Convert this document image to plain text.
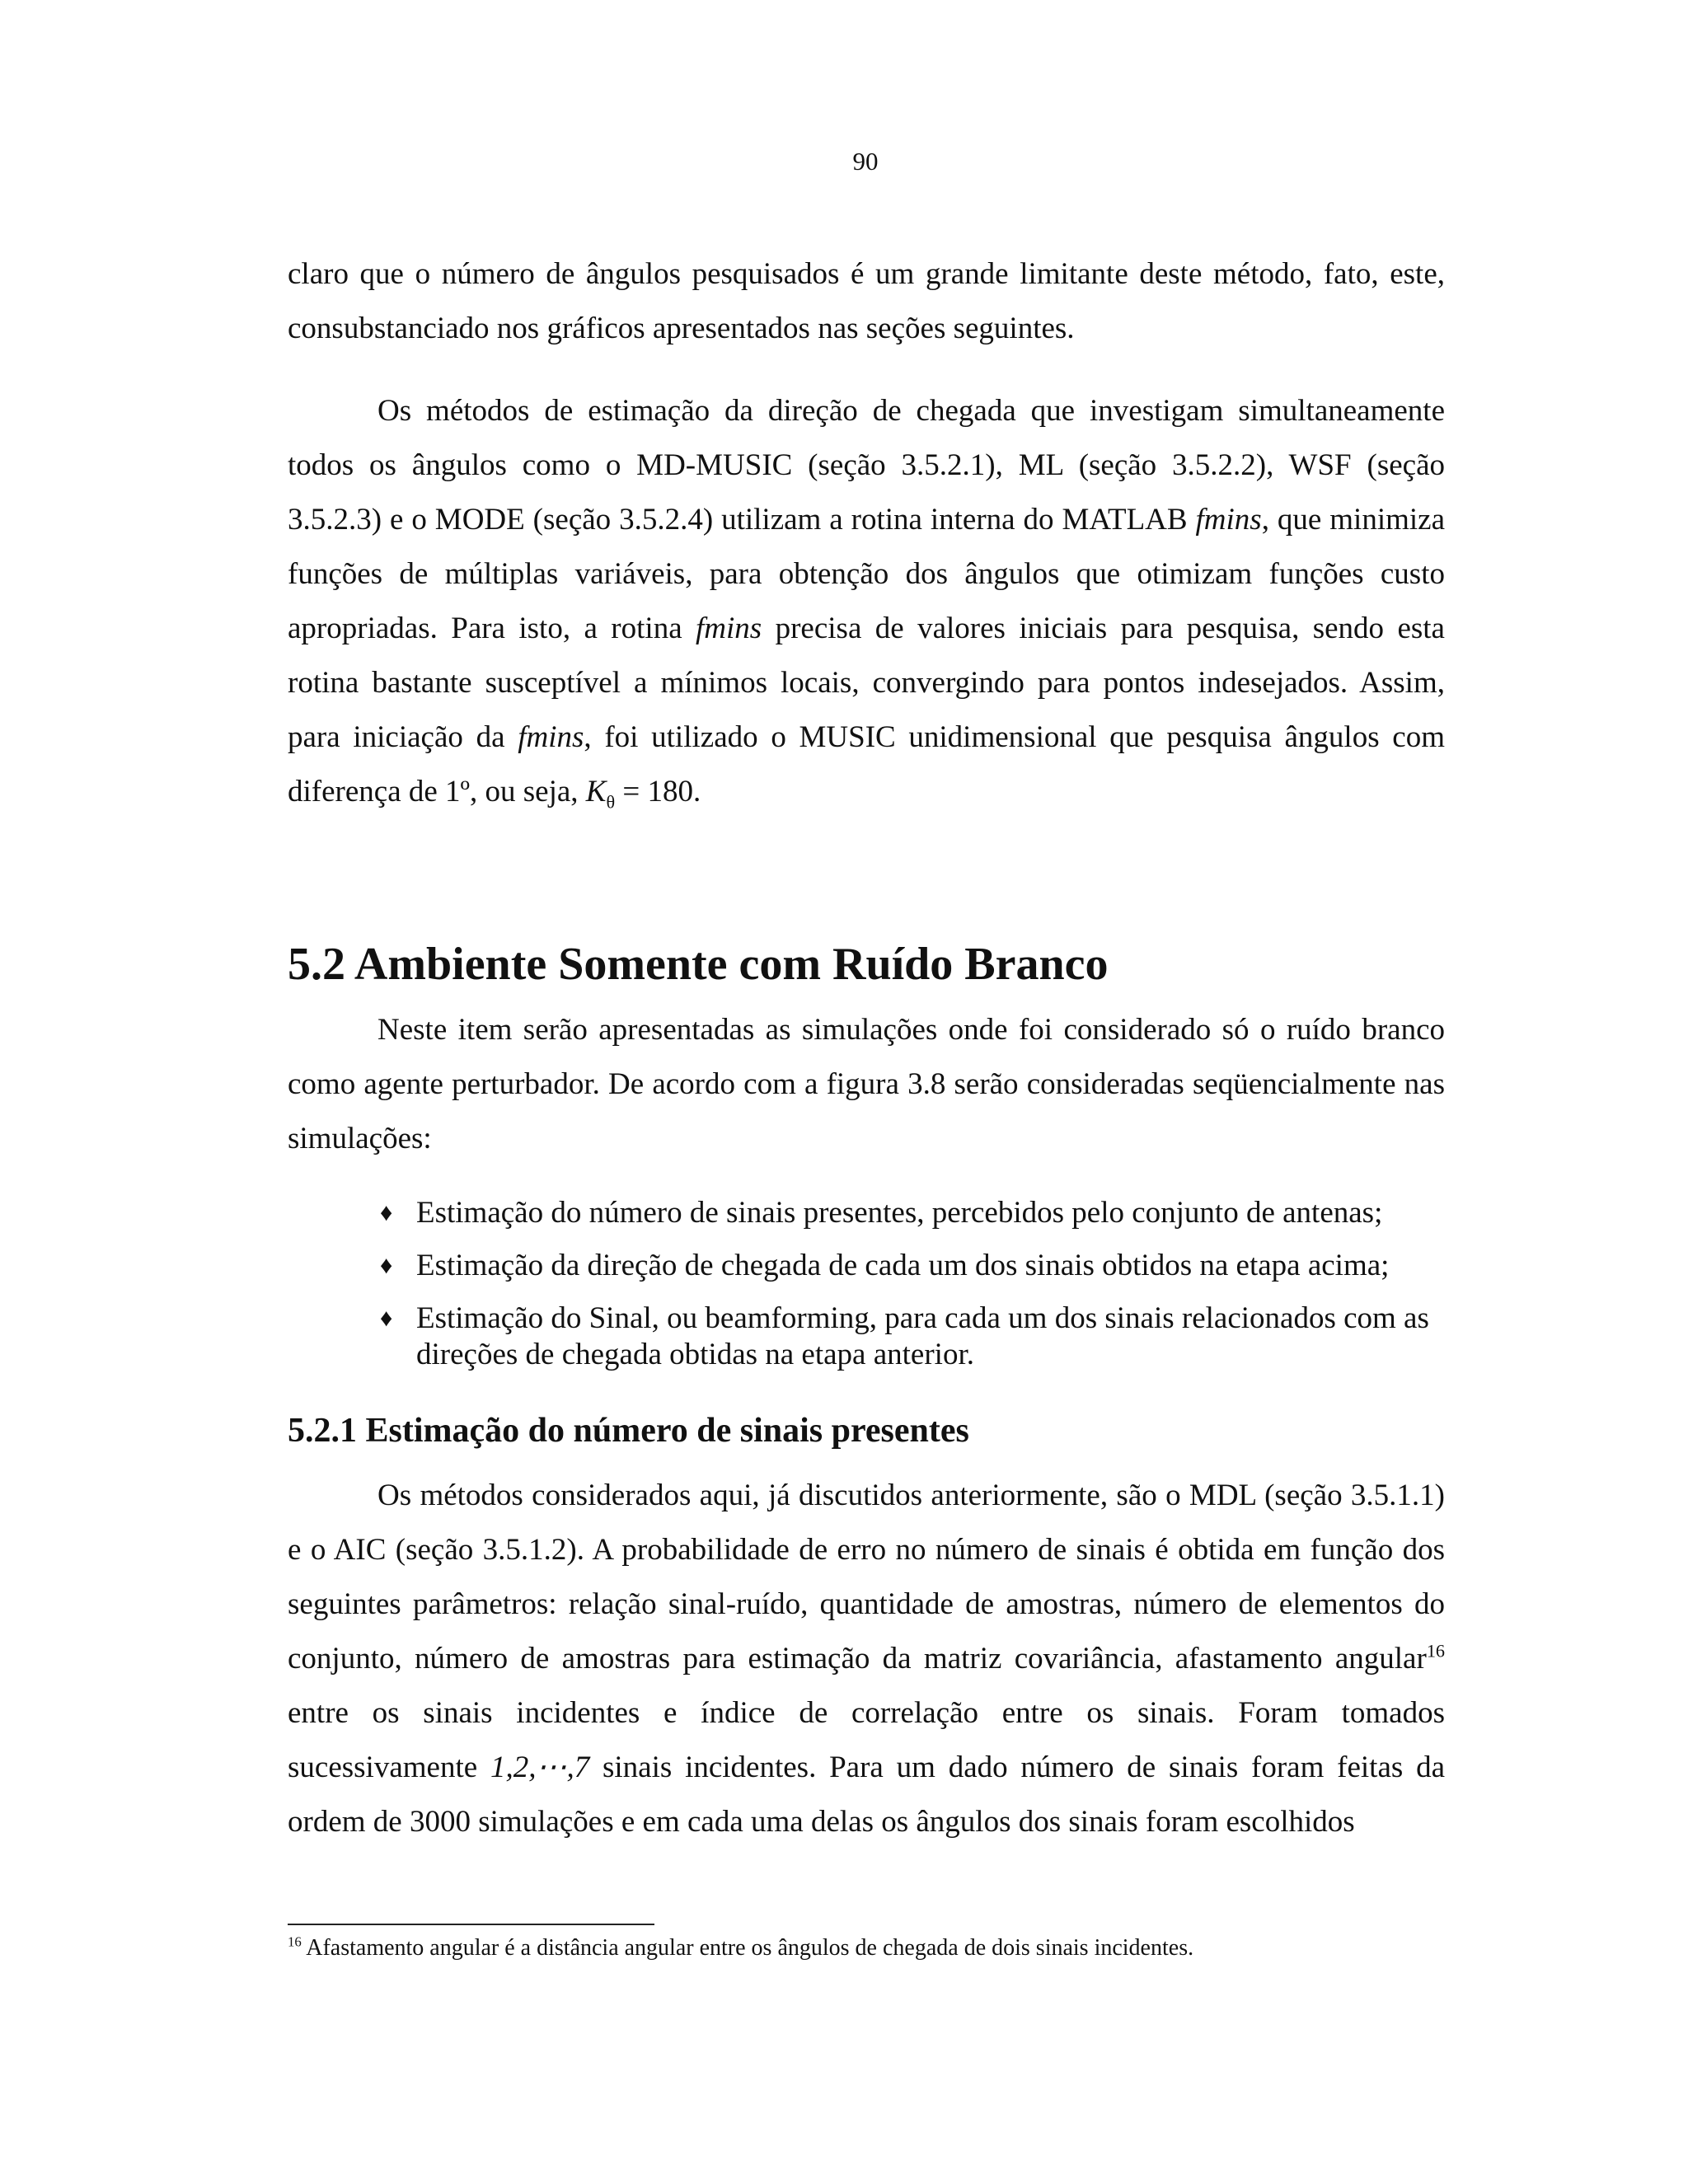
90

claro que o número de ângulos pesquisados é um grande limitante deste método, fato, este, consubstanciado nos gráficos apresentados nas seções seguintes.

Os métodos de estimação da direção de chegada que investigam simultaneamente todos os ângulos como o MD-MUSIC (seção 3.5.2.1), ML (seção 3.5.2.2), WSF (seção 3.5.2.3) e o MODE (seção 3.5.2.4) utilizam a rotina interna do MATLAB fmins, que minimiza funções de múltiplas variáveis, para obtenção dos ângulos que otimizam funções custo apropriadas. Para isto, a rotina fmins precisa de valores iniciais para pesquisa, sendo esta rotina bastante susceptível a mínimos locais, convergindo para pontos indesejados. Assim, para iniciação da fmins, foi utilizado o MUSIC unidimensional que pesquisa ângulos com diferença de 1º, ou seja, $K_\theta = 180$.

5.2 Ambiente Somente com Ruído Branco

Neste item serão apresentadas as simulações onde foi considerado só o ruído branco como agente perturbador. De acordo com a figura 3.8 serão consideradas seqüencialmente nas simulações:

♦ Estimação do número de sinais presentes, percebidos pelo conjunto de antenas;
♦ Estimação da direção de chegada de cada um dos sinais obtidos na etapa acima;
♦ Estimação do Sinal, ou beamforming, para cada um dos sinais relacionados com as direções de chegada obtidas na etapa anterior.
5.2.1 Estimação do número de sinais presentes

Os métodos considerados aqui, já discutidos anteriormente, são o MDL (seção 3.5.1.1) e o AIC (seção 3.5.1.2). A probabilidade de erro no número de sinais é obtida em função dos seguintes parâmetros: relação sinal-ruído, quantidade de amostras, número de elementos do conjunto, número de amostras para estimação da matriz covariância, afastamento angular$^{16}$ entre os sinais incidentes e índice de correlação entre os sinais. Foram tomados sucessivamente 1,2,⋯,7 sinais incidentes. Para um dado número de sinais foram feitas da ordem de 3000 simulações e em cada uma delas os ângulos dos sinais foram escolhidos

$^{16}$ Afastamento angular é a distância angular entre os ângulos de chegada de dois sinais incidentes.
